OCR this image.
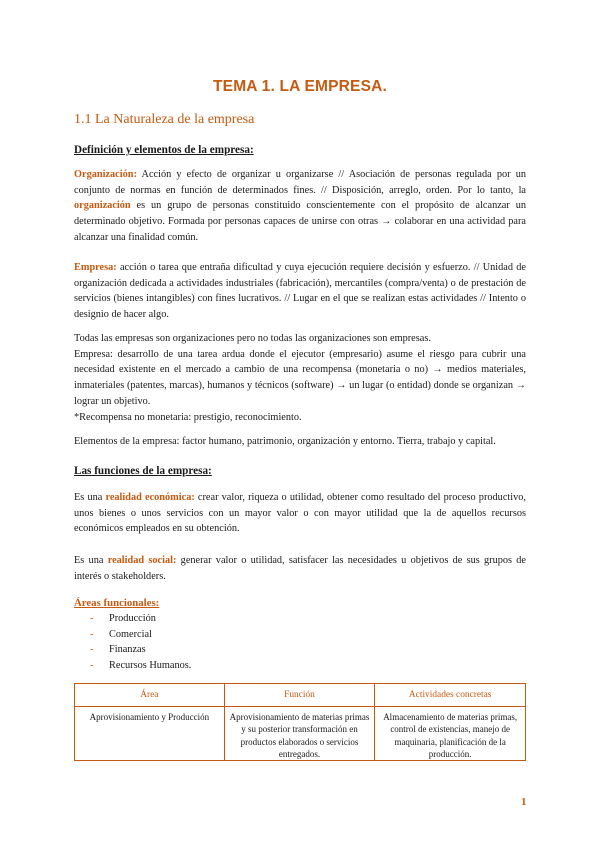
TEMA 1. LA EMPRESA.
1.1 La Naturaleza de la empresa
Definición y elementos de la empresa:
Organización: Acción y efecto de organizar u organizarse // Asociación de personas regulada por un conjunto de normas en función de determinados fines. // Disposición, arreglo, orden. Por lo tanto, la organización es un grupo de personas constituido conscientemente con el propósito de alcanzar un determinado objetivo. Formada por personas capaces de unirse con otras → colaborar en una actividad para alcanzar una finalidad común.
Empresa: acción o tarea que entraña dificultad y cuya ejecución requiere decisión y esfuerzo. // Unidad de organización dedicada a actividades industriales (fabricación), mercantiles (compra/venta) o de prestación de servicios (bienes intangibles) con fines lucrativos. // Lugar en el que se realizan estas actividades // Intento o designio de hacer algo.
Todas las empresas son organizaciones pero no todas las organizaciones son empresas.
Empresa: desarrollo de una tarea ardua donde el ejecutor (empresario) asume el riesgo para cubrir una necesidad existente en el mercado a cambio de una recompensa (monetaria o no) → medios materiales, inmateriales (patentes, marcas), humanos y técnicos (software) → un lugar (o entidad) donde se organizan → lograr un objetivo.
*Recompensa no monetaria: prestigio, reconocimiento.
Elementos de la empresa: factor humano, patrimonio, organización y entorno. Tierra, trabajo y capital.
Las funciones de la empresa:
Es una realidad económica: crear valor, riqueza o utilidad, obtener como resultado del proceso productivo, unos bienes o unos servicios con un mayor valor o con mayor utilidad que la de aquellos recursos económicos empleados en su obtención.
Es una realidad social: generar valor o utilidad, satisfacer las necesidades u objetivos de sus grupos de interés o stakeholders.
Áreas funcionales:
- Producción
- Comercial
- Finanzas
- Recursos Humanos.
Área	Función	Actividades concretas
Aprovisionamiento y Producción	Aprovisionamiento de materias primas y su posterior transformación en productos elaborados o servicios entregados.	Almacenamiento de materias primas, control de existencias, manejo de maquinaria, planificación de la producción.
1
